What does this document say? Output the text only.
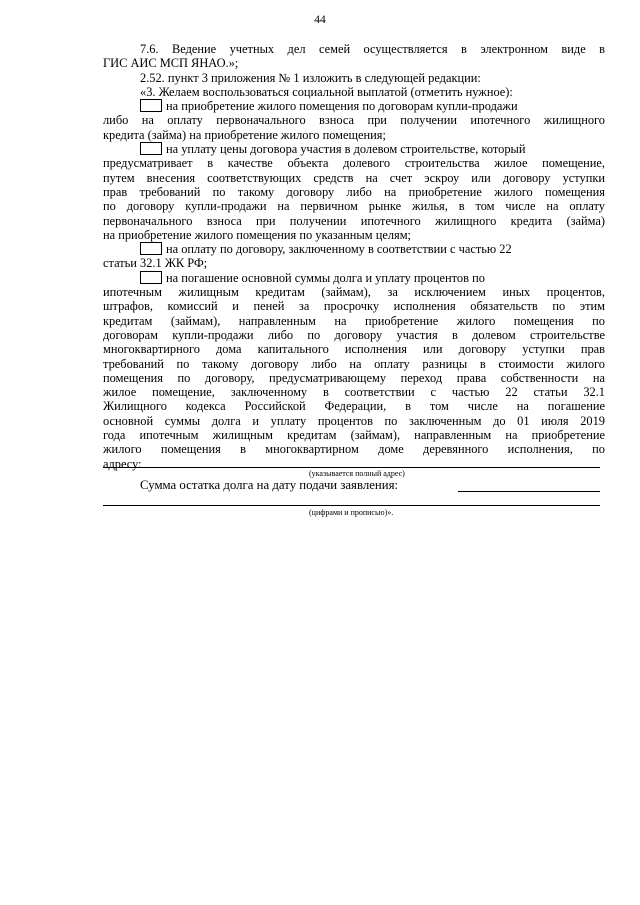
44
7.6. Ведение учетных дел семей осуществляется в электронном виде в
ГИС АИС МСП ЯНАО.»;
2.52. пункт 3 приложения № 1 изложить в следующей редакции:
«3. Желаем воспользоваться социальной выплатой (отметить нужное):
на приобретение жилого помещения по договорам купли-продажи
либо на оплату первоначального взноса при получении ипотечного жилищного
кредита (займа) на приобретение жилого помещения;
на уплату цены договора участия в долевом строительстве, который
предусматривает в качестве объекта долевого строительства жилое помещение,
путем внесения соответствующих средств на счет эскроу или договору уступки
прав требований по такому договору либо на приобретение жилого помещения
по договору купли-продажи на первичном рынке жилья, в том числе на оплату
первоначального взноса при получении ипотечного жилищного кредита (займа)
на приобретение жилого помещения по указанным целям;
на оплату по договору, заключенному в соответствии с частью 22
статьи 32.1 ЖК РФ;
на погашение основной суммы долга и уплату процентов по
ипотечным жилищным кредитам (займам), за исключением иных процентов,
штрафов, комиссий и пеней за просрочку исполнения обязательств по этим
кредитам (займам), направленным на приобретение жилого помещения по
договорам купли-продажи либо по договору участия в долевом строительстве
многоквартирного дома капитального исполнения или договору уступки прав
требований по такому договору либо на оплату разницы в стоимости жилого
помещения по договору, предусматривающему переход права собственности на
жилое помещение, заключенному в соответствии с частью 22 статьи 32.1
Жилищного кодекса Российской Федерации, в том числе на погашение
основной суммы долга и уплату процентов по заключенным до 01 июля 2019
года ипотечным жилищным кредитам (займам), направленным на приобретение
жилого помещения в многоквартирном доме деревянного исполнения, по
адресу:
(указывается полный адрес)
Сумма остатка долга на дату подачи заявления:
(цифрами и прописью)».
